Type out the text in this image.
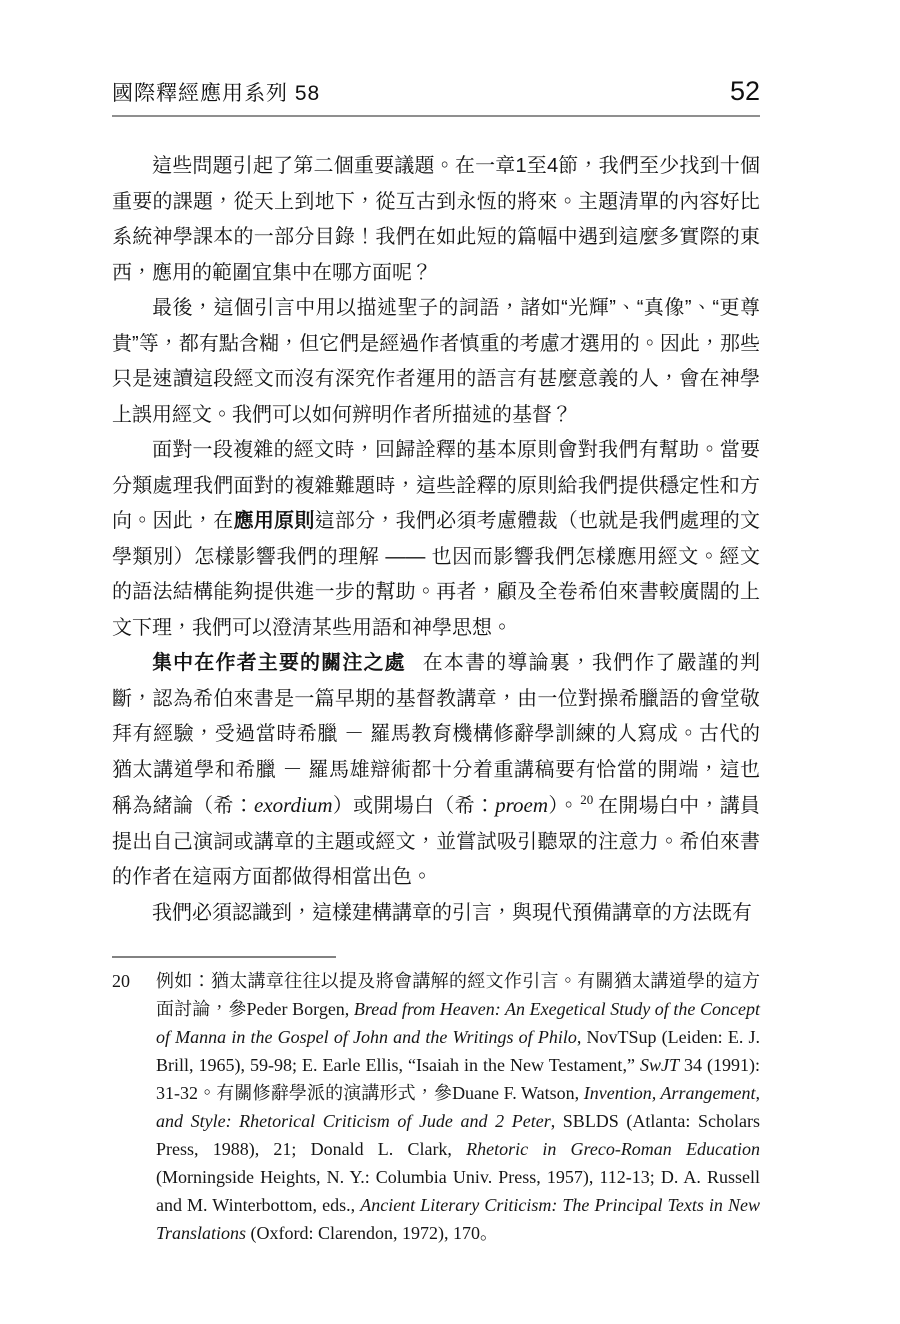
國際釋經應用系列 58	52

這些問題引起了第二個重要議題。在一章1至4節，我們至少找到十個重要的課題，從天上到地下，從互古到永恆的將來。主題清單的內容好比系統神學課本的一部分目錄！我們在如此短的篇幅中遇到這麼多實際的東西，應用的範圍宜集中在哪方面呢？

最後，這個引言中用以描述聖子的詞語，諸如“光輝”、“真像”、“更尊貴”等，都有點含糊，但它們是經過作者慎重的考慮才選用的。因此，那些只是速讀這段經文而沒有深究作者運用的語言有甚麼意義的人，會在神學上誤用經文。我們可以如何辨明作者所描述的基督？

面對一段複雜的經文時，回歸詮釋的基本原則會對我們有幫助。當要分類處理我們面對的複雜難題時，這些詮釋的原則給我們提供穩定性和方向。因此，在應用原則這部分，我們必須考慮體裁（也就是我們處理的文學類別）怎樣影響我們的理解 —— 也因而影響我們怎樣應用經文。經文的語法結構能夠提供進一步的幫助。再者，顧及全卷希伯來書較廣闊的上文下理，我們可以澄清某些用語和神學思想。

集中在作者主要的關注之處 在本書的導論裏，我們作了嚴謹的判斷，認為希伯來書是一篇早期的基督教講章，由一位對操希臘語的會堂敬拜有經驗，受過當時希臘 － 羅馬教育機構修辭學訓練的人寫成。古代的猶太講道學和希臘 － 羅馬雄辯術都十分着重講稿要有恰當的開端，這也稱為緒論（希：exordium）或開場白（希：proem）。$^{20}$ 在開場白中，講員提出自己演詞或講章的主題或經文，並嘗試吸引聽眾的注意力。希伯來書的作者在這兩方面都做得相當出色。

我們必須認識到，這樣建構講章的引言，與現代預備講章的方法既有

20	例如：猶太講章往往以提及將會講解的經文作引言。有關猶太講道學的這方面討論，參Peder Borgen, Bread from Heaven: An Exegetical Study of the Concept of Manna in the Gospel of John and the Writings of Philo, NovTSup (Leiden: E. J. Brill, 1965), 59-98; E. Earle Ellis, “Isaiah in the New Testament,” SwJT 34 (1991): 31-32。有關修辭學派的演講形式，參Duane F. Watson, Invention, Arrangement, and Style: Rhetorical Criticism of Jude and 2 Peter, SBLDS (Atlanta: Scholars Press, 1988), 21; Donald L. Clark, Rhetoric in Greco-Roman Education (Morningside Heights, N. Y.: Columbia Univ. Press, 1957), 112-13; D. A. Russell and M. Winterbottom, eds., Ancient Literary Criticism: The Principal Texts in New Translations (Oxford: Clarendon, 1972), 170。
